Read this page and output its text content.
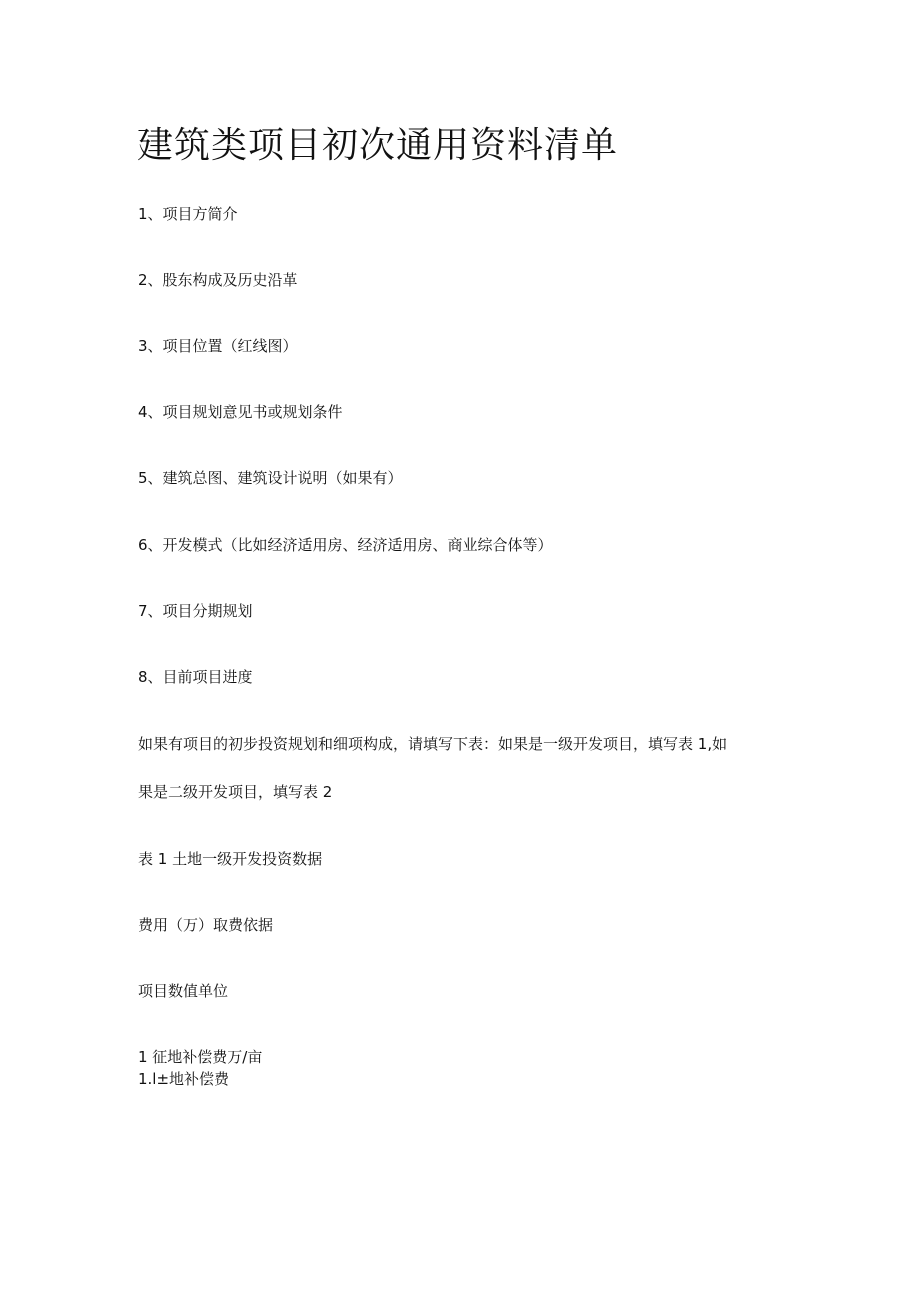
建筑类项目初次通用资料清单
1、项目方简介
2、股东构成及历史沿革
3、项目位置（红线图）
4、项目规划意见书或规划条件
5、建筑总图、建筑设计说明（如果有）
6、开发模式（比如经济适用房、经济适用房、商业综合体等）
7、项目分期规划
8、目前项目进度
如果有项目的初步投资规划和细项构成，请填写下表：如果是一级开发项目，填写表 1,如
果是二级开发项目，填写表 2
表 1 土地一级开发投资数据
费用（万）取费依据
项目数值单位
1 征地补偿费万/亩
1.l±地补偿费
